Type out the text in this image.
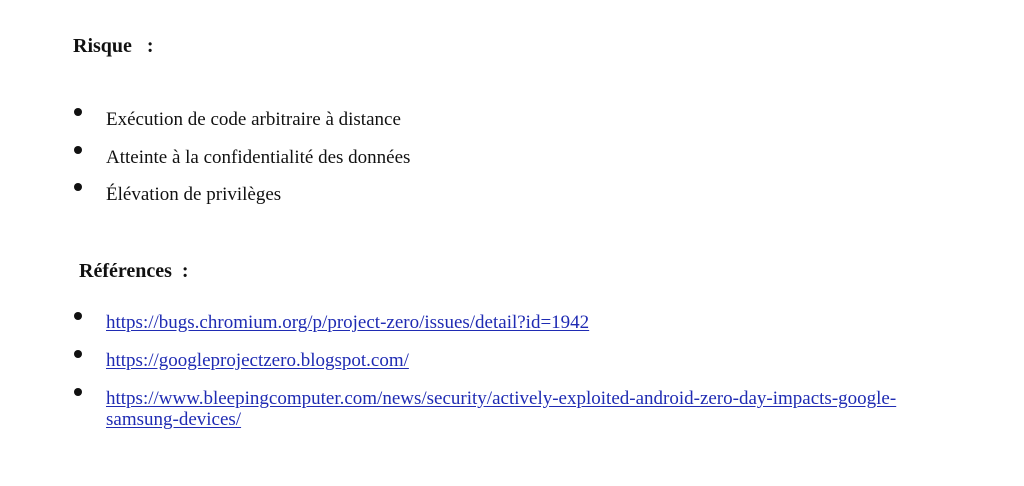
Risque   :
Exécution de code arbitraire à distance
Atteinte à la confidentialité des données
Élévation de privilèges
Références  :
https://bugs.chromium.org/p/project-zero/issues/detail?id=1942
https://googleprojectzero.blogspot.com/
https://www.bleepingcomputer.com/news/security/actively-​exploited-​android-​zero-​day-​impacts-​google-​samsung-​devices/
